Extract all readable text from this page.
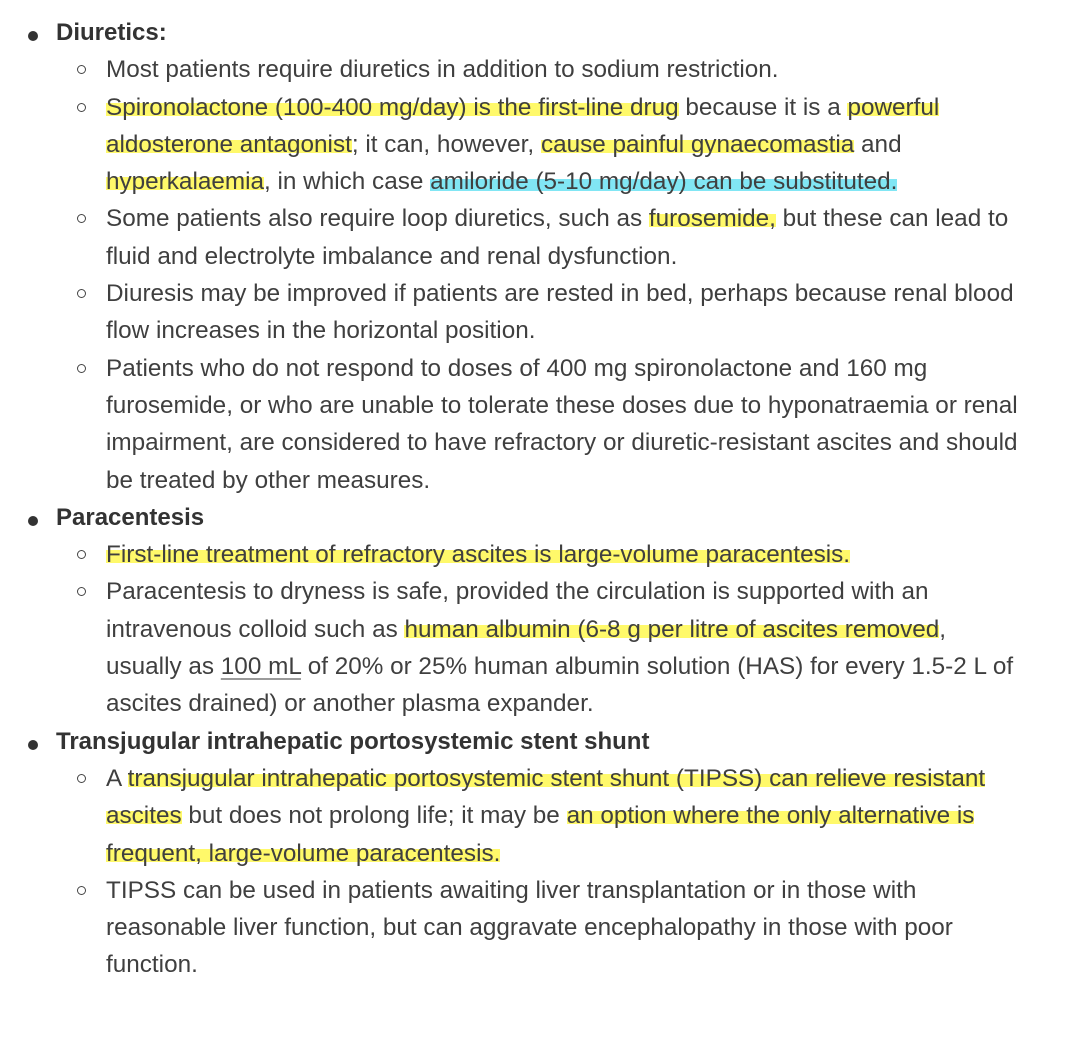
Diuretics:
Most patients require diuretics in addition to sodium restriction.
Spironolactone (100-400 mg/day) is the first-line drug because it is a powerful aldosterone antagonist; it can, however, cause painful gynaecomastia and hyperkalaemia, in which case amiloride (5-10 mg/day) can be substituted.
Some patients also require loop diuretics, such as furosemide, but these can lead to fluid and electrolyte imbalance and renal dysfunction.
Diuresis may be improved if patients are rested in bed, perhaps because renal blood flow increases in the horizontal position.
Patients who do not respond to doses of 400 mg spironolactone and 160 mg furosemide, or who are unable to tolerate these doses due to hyponatraemia or renal impairment, are considered to have refractory or diuretic-resistant ascites and should be treated by other measures.
Paracentesis
First-line treatment of refractory ascites is large-volume paracentesis.
Paracentesis to dryness is safe, provided the circulation is supported with an intravenous colloid such as human albumin (6-8 g per litre of ascites removed, usually as 100 mL of 20% or 25% human albumin solution (HAS) for every 1.5-2 L of ascites drained) or another plasma expander.
Transjugular intrahepatic portosystemic stent shunt
A transjugular intrahepatic portosystemic stent shunt (TIPSS) can relieve resistant ascites but does not prolong life; it may be an option where the only alternative is frequent, large-volume paracentesis.
TIPSS can be used in patients awaiting liver transplantation or in those with reasonable liver function, but can aggravate encephalopathy in those with poor function.
